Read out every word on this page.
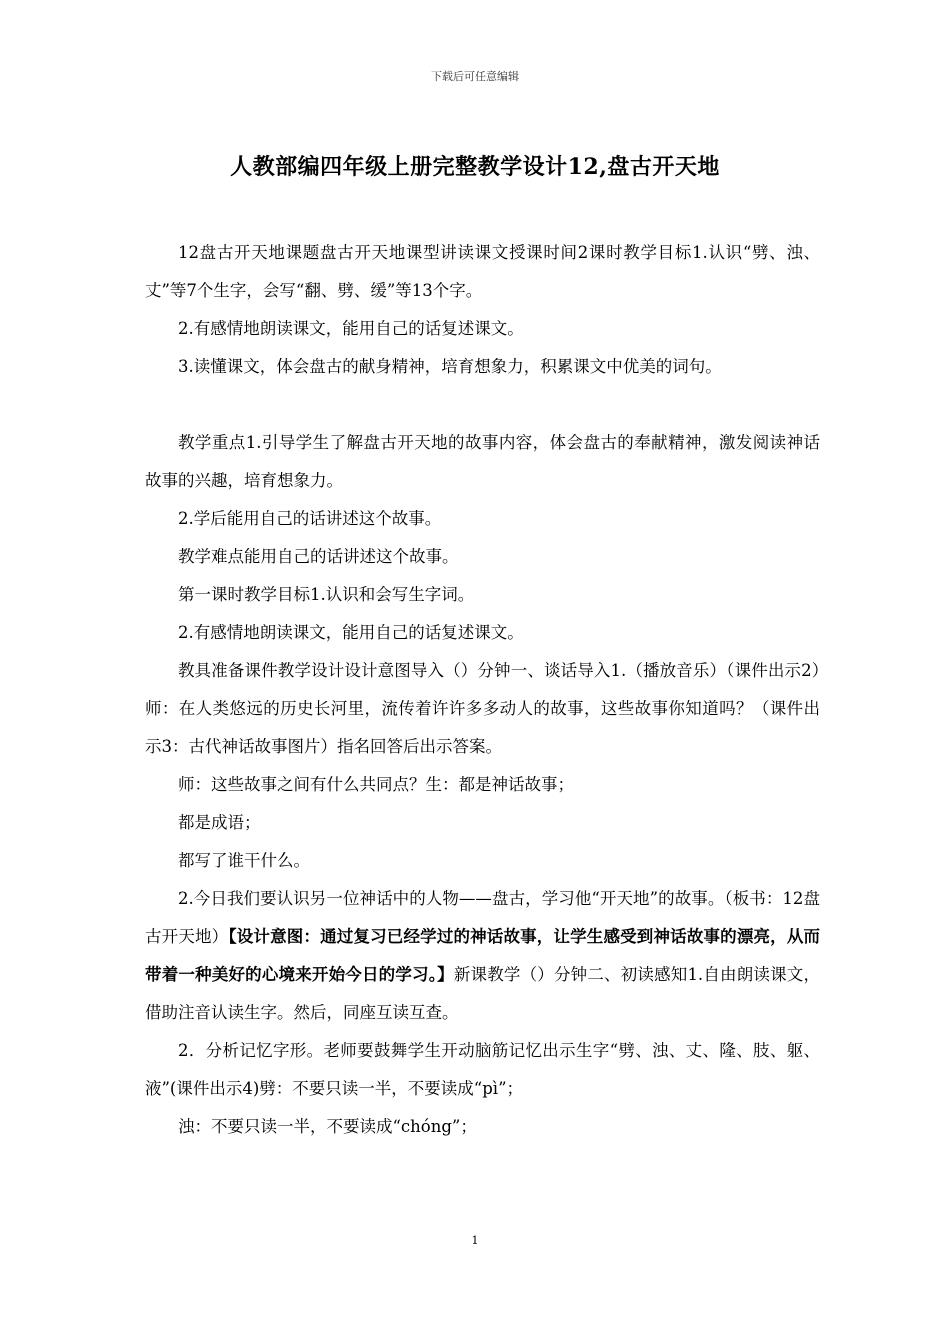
下载后可任意编辑
人教部编四年级上册完整教学设计12,盘古开天地

12盘古开天地课题盘古开天地课型讲读课文授课时间2课时教学目标1.认识“劈、浊、丈”等7个生字，会写“翻、劈、缓”等13个字。

2.有感情地朗读课文，能用自己的话复述课文。

3.读懂课文，体会盘古的献身精神，培育想象力，积累课文中优美的词句。

教学重点1.引导学生了解盘古开天地的故事内容，体会盘古的奉献精神，激发阅读神话故事的兴趣，培育想象力。

2.学后能用自己的话讲述这个故事。

教学难点能用自己的话讲述这个故事。

第一课时教学目标1.认识和会写生字词。

2.有感情地朗读课文，能用自己的话复述课文。

教具准备课件教学设计设计意图导入（）分钟一、谈话导入1.（播放音乐）（课件出示2）师：在人类悠远的历史长河里，流传着许许多多动人的故事，这些故事你知道吗？（课件出示3：古代神话故事图片）指名回答后出示答案。

师：这些故事之间有什么共同点？生：都是神话故事；

都是成语；

都写了谁干什么。

2.今日我们要认识另一位神话中的人物——盘古，学习他“开天地”的故事。（板书：12盘古开天地）【设计意图：通过复习已经学过的神话故事，让学生感受到神话故事的漂亮，从而带着一种美好的心境来开始今日的学习。】新课教学（）分钟二、初读感知1.自由朗读课文，借助注音认读生字。然后，同座互读互查。

2．分析记忆字形。老师要鼓舞学生开动脑筋记忆出示生字“劈、浊、丈、隆、肢、躯、液”(课件出示4)劈：不要只读一半，不要读成“pì”；

浊：不要只读一半，不要读成“chóng”；

1
